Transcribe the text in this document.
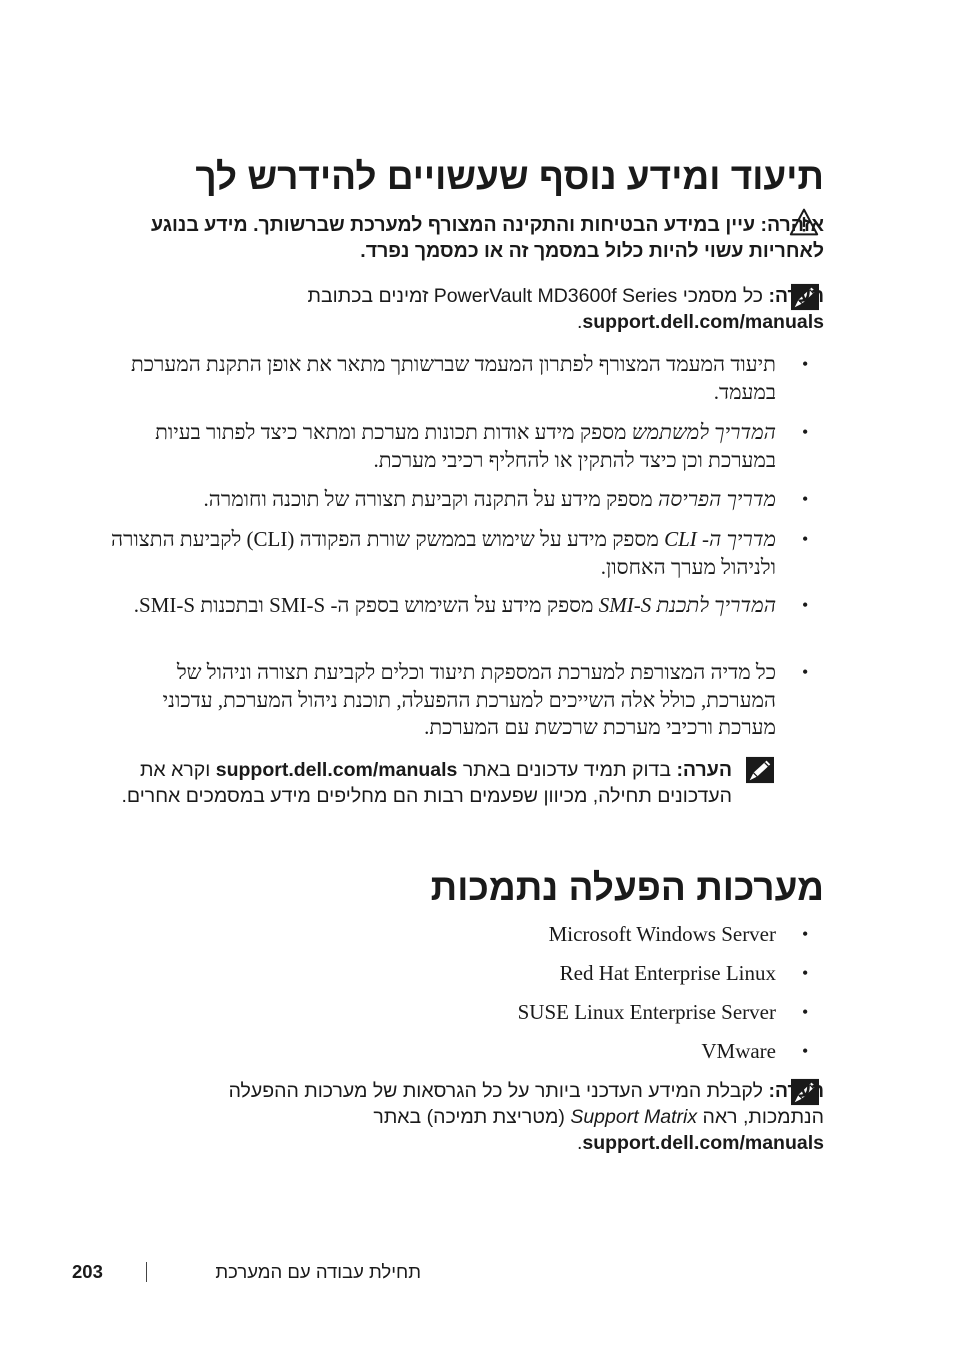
תיעוד ומידע נוסף שעשויים להידרש לך
אזהרה: עיין במידע הבטיחות והתקינה המצורף למערכת שברשותך. מידע בנוגע לאחריות עשוי להיות כלול במסמך זה או כמסמך נפרד.
הערה: כל מסמכי PowerVault MD3600f Series זמינים בכתובת support.dell.com/manuals.
•
תיעוד המעמד המצורף לפתרון המעמד שברשותך מתאר את אופן התקנת המערכת במעמד.
•
המדריך למשתמש מספק מידע אודות תכונות מערכת ומתאר כיצד לפתור בעיות במערכת וכן כיצד להתקין או להחליף רכיבי מערכת.
•
מדריך הפריסה מספק מידע על התקנה וקביעת תצורה של תוכנה וחומרה.
•
מדריך ה- CLI מספק מידע על שימוש בממשק שורת הפקודה (CLI) לקביעת התצורה ולניהול מערך האחסון.
•
המדריך לתכנת SMI-S מספק מידע על השימוש בספק ה- SMI-S ובתכנות SMI-S.
•
כל מדיה המצורפת למערכת המספקת תיעוד וכלים לקביעת תצורה וניהול של המערכת, כולל אלה השייכים למערכת ההפעלה, תוכנת ניהול המערכת, עדכוני מערכת ורכיבי מערכת שרכשת עם המערכת.
הערה: בדוק תמיד עדכונים באתר support.dell.com/manuals וקרא את העדכונים תחילה, מכיוון שפעמים רבות הם מחליפים מידע במסמכים אחרים.
מערכות הפעלה נתמכות
•
Microsoft Windows Server
•
Red Hat Enterprise Linux
•
SUSE Linux Enterprise Server
•
VMware
הערה: לקבלת המידע העדכני ביותר על כל הגרסאות של מערכות ההפעלה הנתמכות, ראה Support Matrix (מטריצת תמיכה) באתר support.dell.com/manuals.
תחילת עבודה עם המערכת
203
